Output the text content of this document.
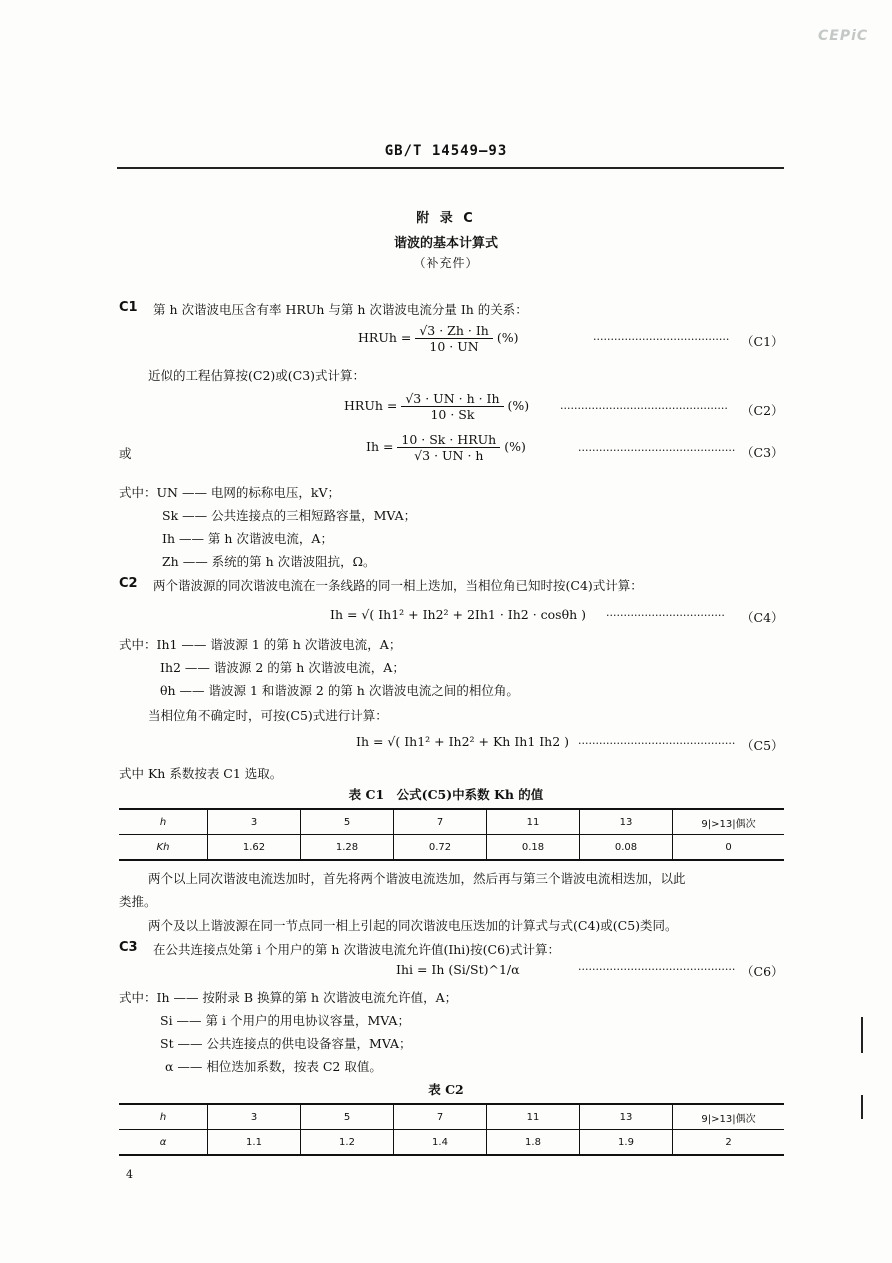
CEPiC
GB/T 14549—93
附 录 C
谐波的基本计算式
（补充件）
C1 第 h 次谐波电压含有率 HRUh 与第 h 次谐波电流分量 Ih 的关系：
HRUh = $\frac{√3 \cdot Zh \cdot Ih}{10 \cdot UN}$ (%)	······································· （C1）
近似的工程估算按(C2)或(C3)式计算：
HRUh = $\frac{√3 \cdot UN \cdot h \cdot Ih}{10 \cdot Sk}$ (%)	················································ （C2）
或	$Ih = \frac{\text{10 · Sk · HRUh}}{√3 \cdot UN \cdot h}$ (%)	············································· （C3）
式中：UN —— 电网的标称电压，kV；
Sk —— 公共连接点的三相短路容量，MVA；
Ih —— 第 h 次谐波电流，A；
Zh —— 系统的第 h 次谐波阻抗，Ω。
C2 两个谐波源的同次谐波电流在一条线路的同一相上迭加，当相位角已知时按(C4)式计算：
Ih = √( Ih1² + Ih2² + 2Ih1 · Ih2 · cosθh ) ·································· （C4）
式中：Ih1 —— 谐波源 1 的第 h 次谐波电流，A；
Ih2 —— 谐波源 2 的第 h 次谐波电流，A；
θh —— 谐波源 1 和谐波源 2 的第 h 次谐波电流之间的相位角。
当相位角不确定时，可按(C5)式进行计算：
Ih = √( Ih1² + Ih2² + Kh Ih1 Ih2 ) ············································· （C5）
式中 Kh 系数按表 C1 选取。
表 C1　公式(C5)中系数 Kh 的值
h	3	5	7	11	13	9|>13|偶次
Kh	1.62	1.28	0.72	0.18	0.08	0
两个以上同次谐波电流迭加时，首先将两个谐波电流迭加，然后再与第三个谐波电流相迭加，以此
类推。
两个及以上谐波源在同一节点同一相上引起的同次谐波电压迭加的计算式与式(C4)或(C5)类同。
C3 在公共连接点处第 i 个用户的第 h 次谐波电流允许值(Ihi)按(C6)式计算：
Ihi = Ih (Si/St)^1/α	············································· （C6）
式中：Ih —— 按附录 B 换算的第 h 次谐波电流允许值，A；
Si —— 第 i 个用户的用电协议容量，MVA；
St —— 公共连接点的供电设备容量，MVA；
α —— 相位迭加系数，按表 C2 取值。
表 C2
h	3	5	7	11	13	9|>13|偶次
α	1.1	1.2	1.4	1.8	1.9	2
4
